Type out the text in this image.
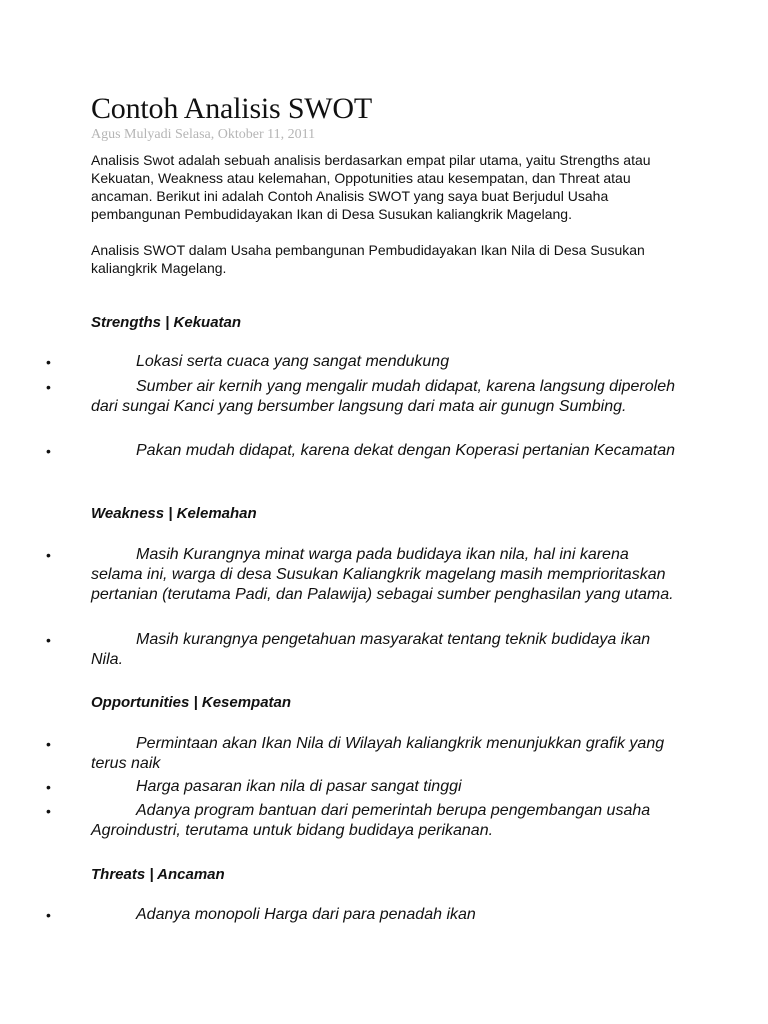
Contoh Analisis SWOT
Agus Mulyadi Selasa, Oktober 11, 2011

Analisis Swot adalah sebuah analisis berdasarkan empat pilar utama, yaitu Strengths atau Kekuatan, Weakness atau kelemahan, Oppotunities atau kesempatan, dan Threat atau ancaman. Berikut ini adalah Contoh Analisis SWOT yang saya buat Berjudul Usaha pembangunan Pembudidayakan Ikan di Desa Susukan kaliangkrik Magelang.

Analisis SWOT dalam Usaha pembangunan Pembudidayakan Ikan Nila di Desa Susukan kaliangkrik Magelang.

Strengths | Kekuatan
•	Lokasi serta cuaca yang sangat mendukung
•	Sumber air kernih yang mengalir mudah didapat, karena langsung diperoleh dari sungai Kanci yang bersumber langsung dari mata air gunugn Sumbing.
•	Pakan mudah didapat, karena dekat dengan Koperasi pertanian Kecamatan
Weakness | Kelemahan
•	Masih Kurangnya minat warga pada budidaya ikan nila, hal ini karena selama ini, warga di desa Susukan Kaliangkrik magelang masih memprioritaskan pertanian (terutama Padi, dan Palawija) sebagai sumber penghasilan yang utama.
•	Masih kurangnya pengetahuan masyarakat tentang teknik budidaya ikan Nila.
Opportunities | Kesempatan
•	Permintaan akan Ikan Nila di Wilayah kaliangkrik menunjukkan grafik yang terus naik
•	Harga pasaran ikan nila di pasar sangat tinggi
•	Adanya program bantuan dari pemerintah berupa pengembangan usaha Agroindustri, terutama untuk bidang budidaya perikanan.
Threats | Ancaman
•	Adanya monopoli Harga dari para penadah ikan
